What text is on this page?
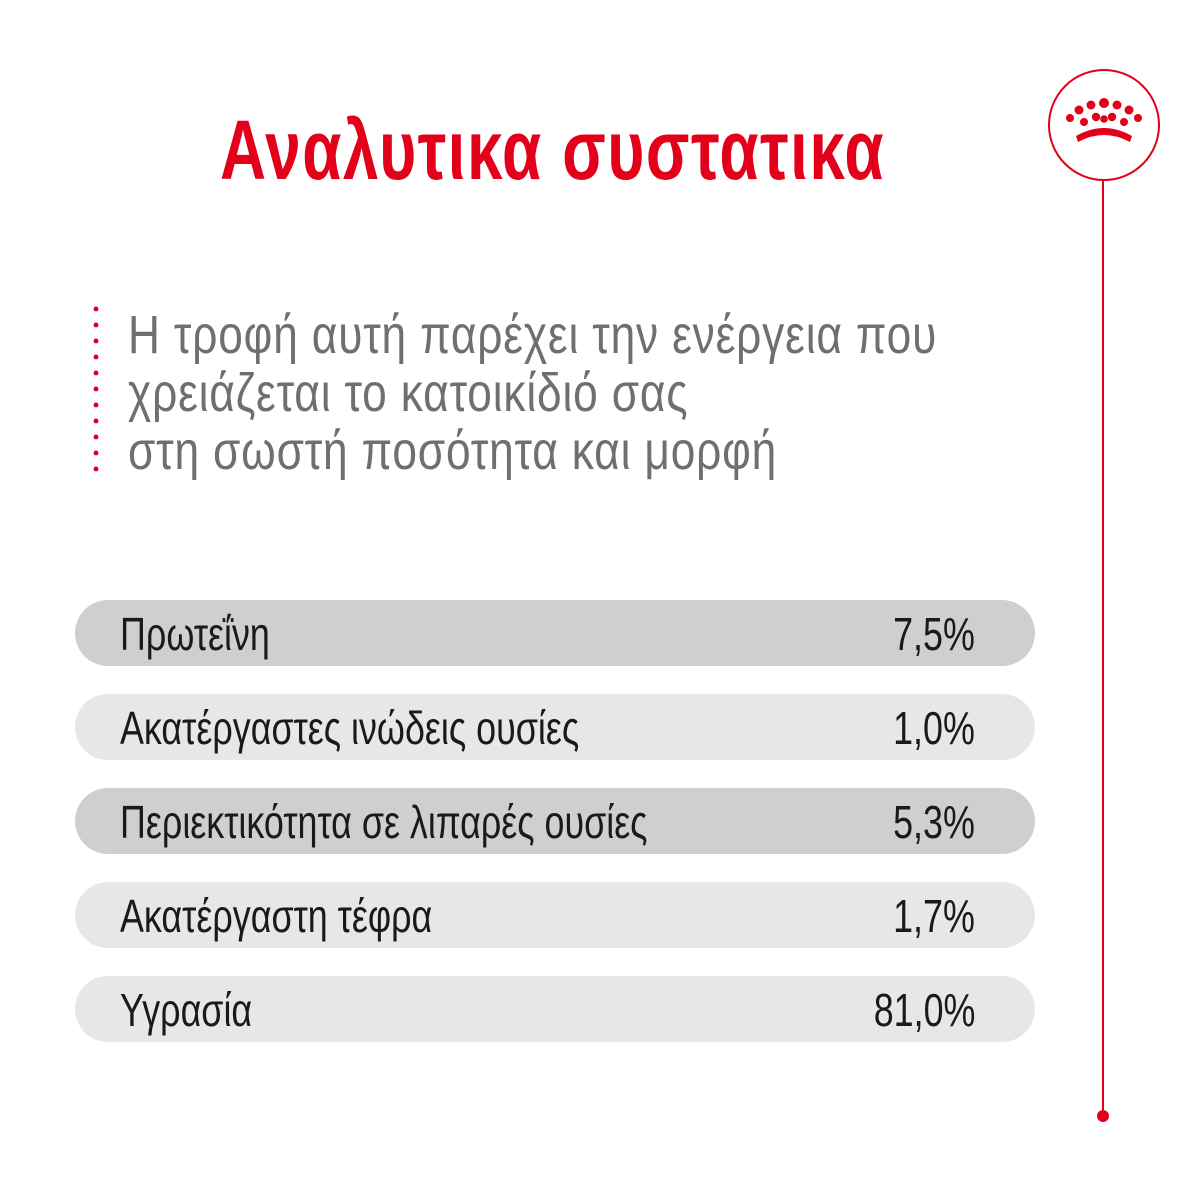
Αναλυτικα συστατικα
Η τροφή αυτή παρέχει την ενέργεια που
χρειάζεται το κατοικίδιό σας
στη σωστή ποσότητα και μορφή
Πρωτεΐνη	7,5%
Ακατέργαστες ινώδεις ουσίες	1,0%
Περιεκτικότητα σε λιπαρές ουσίες	5,3%
Ακατέργαστη τέφρα	1,7%
Υγρασία	81,0%
